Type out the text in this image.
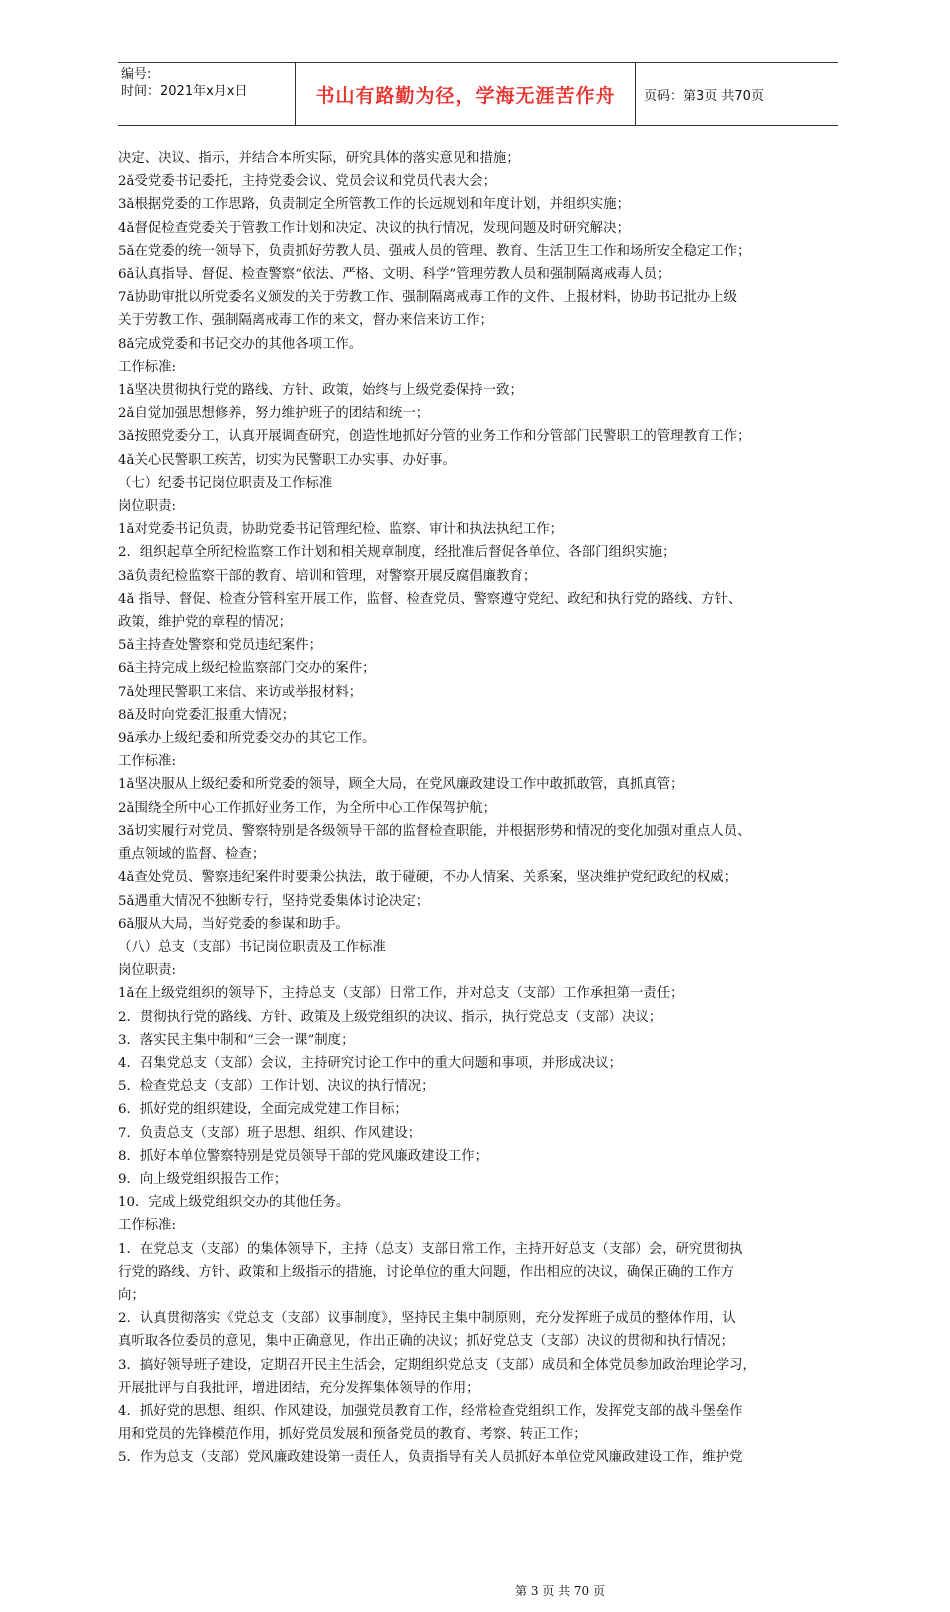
编号:
时间：2021年x月x日	书山有路勤为径，学海无涯苦作舟	页码：第3页 共70页
决定、决议、指示，并结合本所实际，研究具体的落实意见和措施；
2ǎ受党委书记委托，主持党委会议、党员会议和党员代表大会；
3ǎ根据党委的工作思路，负责制定全所管教工作的长远规划和年度计划，并组织实施；
4ǎ督促检查党委关于管教工作计划和决定、决议的执行情况，发现问题及时研究解决；
5ǎ在党委的统一领导下，负责抓好劳教人员、强戒人员的管理、教育、生活卫生工作和场所安全稳定工作；
6ǎ认真指导、督促、检查警察“依法、严格、文明、科学”管理劳教人员和强制隔离戒毒人员；
7ǎ协助审批以所党委名义颁发的关于劳教工作、强制隔离戒毒工作的文件、上报材料，协助书记批办上级
关于劳教工作、强制隔离戒毒工作的来文，督办来信来访工作；
8ǎ完成党委和书记交办的其他各项工作。
工作标准:
1ǎ坚决贯彻执行党的路线、方针、政策，始终与上级党委保持一致；
2ǎ自觉加强思想修养，努力维护班子的团结和统一；
3ǎ按照党委分工，认真开展调查研究，创造性地抓好分管的业务工作和分管部门民警职工的管理教育工作；
4ǎ关心民警职工疾苦，切实为民警职工办实事、办好事。
（七）纪委书记岗位职责及工作标准
岗位职责:
1ǎ对党委书记负责，协助党委书记管理纪检、监察、审计和执法执纪工作；
2．组织起草全所纪检监察工作计划和相关规章制度，经批准后督促各单位、各部门组织实施；
3ǎ负责纪检监察干部的教育、培训和管理，对警察开展反腐倡廉教育；
4ǎ 指导、督促、检查分管科室开展工作，监督、检查党员、警察遵守党纪、政纪和执行党的路线、方针、
政策，维护党的章程的情况；
5ǎ主持查处警察和党员违纪案件；
6ǎ主持完成上级纪检监察部门交办的案件；
7ǎ处理民警职工来信、来访或举报材料；
8ǎ及时向党委汇报重大情况；
9ǎ承办上级纪委和所党委交办的其它工作。
工作标准:
1ǎ坚决服从上级纪委和所党委的领导，顾全大局，在党风廉政建设工作中敢抓敢管，真抓真管；
2ǎ围绕全所中心工作抓好业务工作，为全所中心工作保驾护航；
3ǎ切实履行对党员、警察特别是各级领导干部的监督检查职能，并根据形势和情况的变化加强对重点人员、
重点领域的监督、检查；
4ǎ查处党员、警察违纪案件时要秉公执法，敢于碰硬，不办人情案、关系案，坚决维护党纪政纪的权威；
5ǎ遇重大情况不独断专行，坚持党委集体讨论决定；
6ǎ服从大局，当好党委的参谋和助手。
（八）总支（支部）书记岗位职责及工作标准
岗位职责:
1ǎ在上级党组织的领导下，主持总支（支部）日常工作，并对总支（支部）工作承担第一责任；
2．贯彻执行党的路线、方针、政策及上级党组织的决议、指示，执行党总支（支部）决议；
3．落实民主集中制和“三会一课”制度；
4．召集党总支（支部）会议，主持研究讨论工作中的重大问题和事项，并形成决议；
5．检查党总支（支部）工作计划、决议的执行情况；
6．抓好党的组织建设，全面完成党建工作目标；
7．负责总支（支部）班子思想、组织、作风建设；
8．抓好本单位警察特别是党员领导干部的党风廉政建设工作；
9．向上级党组织报告工作；
10．完成上级党组织交办的其他任务。
工作标准:
1．在党总支（支部）的集体领导下，主持（总支）支部日常工作，主持开好总支（支部）会，研究贯彻执
行党的路线、方针、政策和上级指示的措施，讨论单位的重大问题，作出相应的决议，确保正确的工作方
向；
2．认真贯彻落实《党总支（支部）议事制度》，坚持民主集中制原则，充分发挥班子成员的整体作用，认
真听取各位委员的意见，集中正确意见，作出正确的决议；抓好党总支（支部）决议的贯彻和执行情况；
3．搞好领导班子建设，定期召开民主生活会，定期组织党总支（支部）成员和全体党员参加政治理论学习，
开展批评与自我批评，增进团结，充分发挥集体领导的作用；
4．抓好党的思想、组织、作风建设，加强党员教育工作，经常检查党组织工作，发挥党支部的战斗堡垒作
用和党员的先锋模范作用，抓好党员发展和预备党员的教育、考察、转正工作；
5．作为总支（支部）党风廉政建设第一责任人，负责指导有关人员抓好本单位党风廉政建设工作，维护党
第 3 页 共 70 页
